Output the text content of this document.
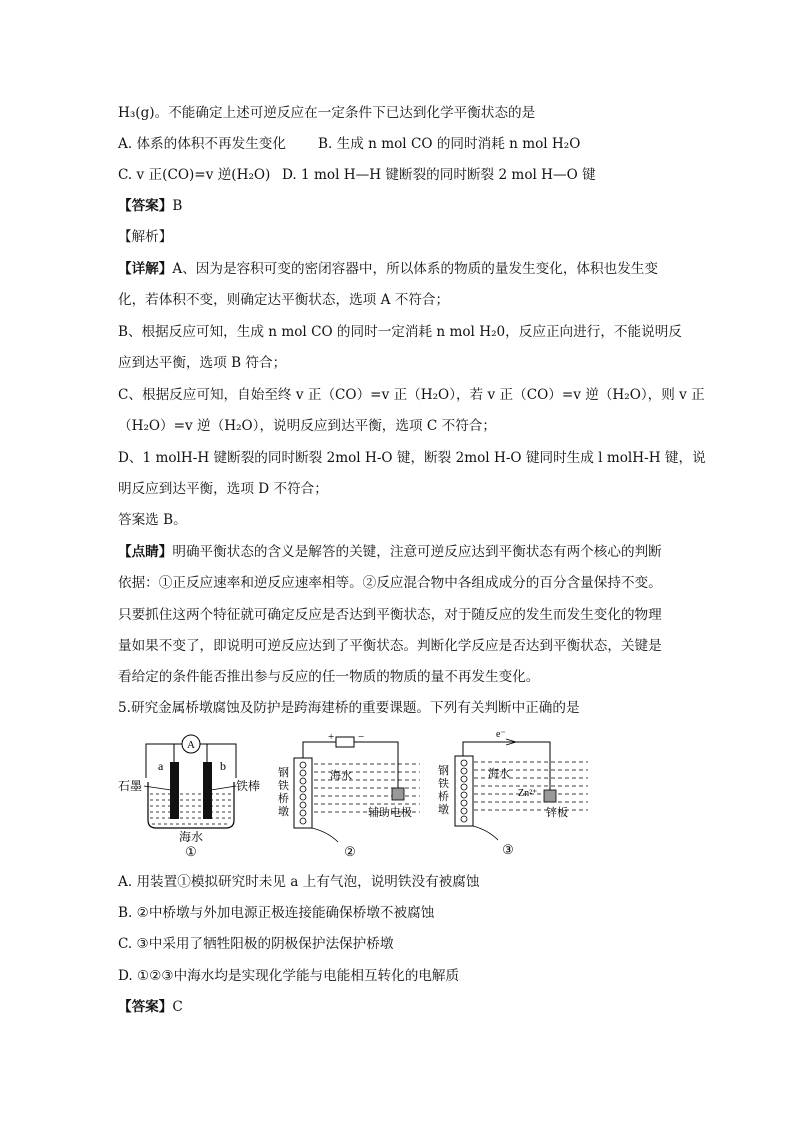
H₃(g)。不能确定上述可逆反应在一定条件下已达到化学平衡状态的是
A. 体系的体积不再发生变化 B. 生成 n mol CO 的同时消耗 n mol H₂O
C. v 正(CO)=v 逆(H₂O) D. 1 mol H—H 键断裂的同时断裂 2 mol H—O 键
【答案】B
【解析】
【详解】A、因为是容积可变的密闭容器中，所以体系的物质的量发生变化，体积也发生变
化，若体积不变，则确定达平衡状态，选项 A 不符合；
B、根据反应可知，生成 n mol CO 的同时一定消耗 n mol H₂0，反应正向进行，不能说明反
应到达平衡，选项 B 符合；
C、根据反应可知，自始至终 v 正（CO）=v 正（H₂O），若 v 正（CO）=v 逆（H₂O），则 v 正
（H₂O）=v 逆（H₂O），说明反应到达平衡，选项 C 不符合；
D、1 molH-H 键断裂的同时断裂 2mol H-O 键，断裂 2mol H-O 键同时生成 l molH-H 键，说
明反应到达平衡，选项 D 不符合；
答案选 B。
【点睛】明确平衡状态的含义是解答的关键，注意可逆反应达到平衡状态有两个核心的判断
依据：①正反应速率和逆反应速率相等。②反应混合物中各组成成分的百分含量保持不变。
只要抓住这两个特征就可确定反应是否达到平衡状态，对于随反应的发生而发生变化的物理
量如果不变了，即说明可逆反应达到了平衡状态。判断化学反应是否达到平衡状态，关键是
看给定的条件能否推出参与反应的任一物质的物质的量不再发生变化。
5.研究金属桥墩腐蚀及防护是跨海建桥的重要课题。下列有关判断中正确的是
A
a	b
石墨	铁棒
海水
①
+ −
钢
铁
桥
墩
海水
辅助电极
②
e⁻
钢
铁
桥
墩
海水
Zn²⁺
锌板
③
A. 用装置①模拟研究时未见 a 上有气泡，说明铁没有被腐蚀
B. ②中桥墩与外加电源正极连接能确保桥墩不被腐蚀
C. ③中采用了牺牲阳极的阴极保护法保护桥墩
D. ①②③中海水均是实现化学能与电能相互转化的电解质
【答案】C
